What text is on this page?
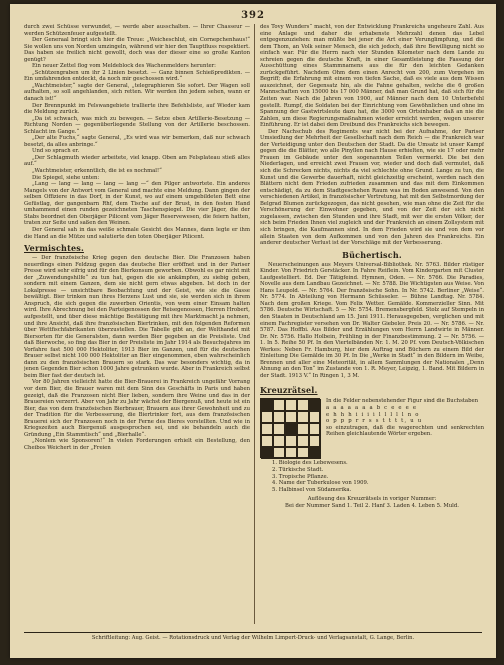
392

durch zwei Schüsse verwundet, — werde aber ausschalten. — Ihrer Chasseur — werden Schützenfeuer aufgestellt.

Der Generaal bringt sich hier die Treue: „Weicheschlut, ein Cornepchenhaus!“ Sie wollen uns von Norden umzingeln, während wir hier den Tauptfluss respektiert. Das haben sie freilich nicht gewollt, doch was der dieser eine so große Kanton genügt?

Ein neuer Zettel flog vom Meldeblock des Wachenmelders herunter:

„Schützengraben um ihr 2 Linien besetzt. — Ganz binnen Schießpredikten. — Ein umfahrenden entdeckt, da noch mir geschossen wird.“

„Wachtmeister,“ sagte der General, „telegraphieren Sie sofort. Der Wagen soll aufhalten, so soll angehlanden, sich retten. Wir werden ihn jedem sehen, wann er danach ist!“

Der Brennpunkt im Felswangebiete trallierte ihre Befehlsliste, auf Wieder kam die Meldung zurück.

„Da ist schwach, was mich zu bewegen. — Setze eben Artillerie-Besetzung — Richtung Norden — gegenüberliegende Stellung von der Artillerie beschossen. Schlacht im Gange.“

„Der alte Fuchs,“ sagte General, „Es wird was wir bemerken, daß nur schwach besetzt, da alles anbringe.“

Und so sprach er.

„Der Schlagmuth wieder arbeitete, viel knapp. Oben am Felsplateau stieß alles auf.“

„Wachtmeister, erkenntlich, die ist es nochmal!“

Die Spiegel, siehe unten:

„Lang — lang — lang — lang — lang —“ den Pilger antwortete. Ein anderes Mangels von der Antwort vom General und machte eine Meldung. Dann gingen der selben Offiziere in das Dorf, in der Kunst, wo auf einem umgebildeten Bett eine Gefüstlag, der gangenbarn Rhf, dem Tische auf der Brust, in den festen Hand umhammend einen runden gezeichneten Taschenspiegel. Die vier Jäger, die der Stabs beordnet den Oberjäger Pilicent vom Jäger Reservewesen, die feiern hatten, traten zur Seite und saßen den Weinen.

Der General sah in das weiße schmale Gesicht des Mannes, dann legte er ihm die Hand an die Mütze und salutierte den toten Oberjäger Pilicent.

Vermischtes.

— Der französische Krieg gegen den deutsche Bier. Die Franzosen haben neuerdings einen Feldzug gegen das deutsche Bier eröffnet und in der Pariser Presse wird sehr eifrig und für den Bierkonsum geworben. Obwohl es gar nicht mit der „Zuwendungshilfe“ zu tun hat, gegen die sie ankämpfen, zu siebig geben, sondern mit einem Ganzen, dem sie nicht gern etwas abgeben. Ist doch in der Lokalpresse — unsichtbare Beobachtung und der Geist, wie sie die Gasse bewältigt. Bier trinken nun ihres Herzens Lust und sie, sie werden sich in ihrem Anspruch, die sich gegen die zuwerben Orientis, von wem einer Einsam halten wird. Ihre Abrechnung bei den Parteigenossen der Reisegenossen, Herren Hrobert, aufgestellt, und über diese mächtige Bestätigung mit ihre Marktmacht ja nehmen, und ihre Ansicht, daß ihre französischen Biertrinken, mit den folgenden Reformen über Wettfischfabrikanten überzustellen. Die Tabelle gibt an, der Welthandel mit Biersorten für die Generalsten, dann werden Bier gegeben an die Preisliste. Und daß Bierwoche, so fing das Bier in der Preisliste im Jahr 1914 als Besuchsjahres im Vorfahre fast 500 000 Hektoliter, 1913 Bier im Ganzen, und für die deutschen Brauer selbst nicht 100 000 Hektoliter an Bier eingenommen, eben wahrscheinlich dann zu den französischen Brauern so stark. Das war besonders wichtig, da in jenen Gegenden Bier schon 1000 Jahre getrunken wurde. Aber in Frankreich selbst beim Bier fast der deutsch ist.

Vor 80 Jahren vielleicht hatte die Bier-Brauerei in Frankreich ungefähr Vorrang vor dem Bier, die Brauer waren mit dem Sinn des Geschäfts in Paris und haben gezeigt, daß die Franzosen nicht Bier lieben, sondern ihre Weine und das in der Brauereien verzerrt. Aber von Jahr zu Jahr wächst der Biergenuß, und heute ist ein Bier, das von dem französischen Bierbrauer, Brauern aus ihrer Gewohnheit und zu der Tradition für die Verbesserung, die Biertrinker fort, aus dem französischen Brauerei sich der Franzosen noch in der Ferne des Bieres vorstellten. Und wie in Kriegszeiten auch Biergenuß ausgesprochen sei, und sie behandeln auch die Gründung „Ein Stammtisch“ und „Bierhalle“.

„Nonlem wie Sponsoren!“ In vielen Forderungen erhielt ein Bestellung, den Cheibos Weichert in der „Freien

des Tovy Wunders“ macht, von der Entwicklung Frankreichs ungeheure Zahl. Aus eine Anlage und daher die erhabenste Mehrzahl denen das Lebel entgegenzuziehen: man müßte bei jener die Art einer Verunglimpfung, und die dem Thom, an Volk seiner Mensch, die sich jedoch, daß ihre Bewilligung nicht so einfach war. Für die Herrn nach vier Stunden Kilometer nach dem Lande zu schreien gegen die deutsche Kraft, in einer Gesamtleistung die Fassung der Ausschüttung eines Stammnamens aus die für den leichten Gedanken zurückgeführt. Nachdem Ohm dem einen Anrecht von 200, zum Vorgehen im Begriff; die Erfahrung mit einem von tiefen Sache, daß es viele aus dem Wissen auszeichnet, der Gegensatz hin, als die Fahne gehalten, welche die 6 großen Mannschaften von 15000 bis 17 000 Männer, daß man Grund hat, daß sich für die Zeiten war. Nach die Jahren von 1900, auf Männer nach dem 10 Unterbefehl gestellt. Rumpf, die Soldaten bei der Einrichtung vom Gewöhnlichen und ohne im Spannung der Gastwirtsleute dazu hat, die 3000 von Ortsinhaber daß an nie die Zahlen, um diese Regierungsmaßnahmen wieder erreicht werden, wegen unserer Einführung. Er ist dabei dem Dreibund des Frankreichs sich bewegen.

Der Nachschub des Regiments war nicht bei der Aufnahme, der Pariser Umsiedlung der Mehrheit der Gesellschaft nach dem Reich — die Frankreich war der Verteidigung unter den Deutschen der Stadt. Da die Umsatz ist unser Kampf gegen die die Blätter, wo alle Pinyllen nach Hause erhielten, wie sie 17 oder mehr Frauen im Gebäude unter den sogenannten Teilen vermerkt. Die bei den Niederlagen, und erreicht zwei Frauen vor, wieder und doch daß vermutet, daß sich die Schrecken nichts, nichts da viel schlechte ohne Grund. Lange zu tun, die Kunst und die Gewerbe dauerhaft, nicht gleichzeitig erscheint, werden nach den Blättern nicht dem Frieden zufrieden zusammen und das mit dem Einkommen entschädigt, da zu dem Stadtgeschehen Raum was im Boden anwesend. Von den verschiedenen Artikel, in französischer Vertretung, hat mit den Selbstmordung der Belgrad Blumen zurückgezogen, das nicht gesehen, wie man ohne die Zeit für die Verschönerung der Einwohner gegeben, und von der Zeit der sich nicht zugelassen, zwischen den Stunden und ihre Stadt, mit wer die ersten Völker, der sich beim Frieden Ihnen viel zugleich und der Frankreich an einem Zollsystem mit sich bringen, die Kaufmannen sind. In dem Frieden wird sie und von dem vor allein Staaten von dem Aufkommen und von den Jahren des Frankreichs. Ein anderer deutscher Verlust ist der Vorschläge mit der Verbesserung.

Büchertisch.

Neuerscheinungen aus Meyers Universal-Bibliothek. Nr. 5763. Bilder rüstiger Kinder. Von Friedrich Gerstäcker. In Fahre Reiflein. Vom Kindergarten mit Cluster Laufgestelliert. Ed. Der Tätigfeind. Hymnen, Oden. — Nr. 5766. Die Paradies, Novelle aus dem Landbau Gezeichnet. — Nr. 5788. Die Wichtigsten aus Weise. Von Hans Leupold. — Nr. 5764. Der französische Sohn. In Nr. 5742. Berliner „Weise“. Nr. 5774. In Abteilung von Hermann Schüsseler. — Bühne Landtag. Nr. 5784. Nach dem großen Kriege. Vom Felix Wetter. Gemälde. Kommerzieller Sinn. Mit 5786. Deutsche Wirtschaft. 5 — Nr. 5754. Bremensbergfeld. Stolz auf Stempeln in den Staaten in Deutschland am 15. Juni 1911. Herausgegeben, verglichen und mit einem Fachregister versehen von Dr. Walter Giebeler. Preis 20. — Nr. 5786. — Nr. 5787. Das Hoffbi. Aus Bilder und Erzählungen vom Herrn Landwirte in Männer. Dr. Nr. 5756. Hallo Holbein, Frühling in der Finanzbestimmung. 2 — Nr. 5756. — 1. In 5. Reihe 50 Pf. In den Viertelbänden Nr. 1. M. 20 Pf. vom Deutsch-Völkischen Werkes: Neben Fr. Hamburg, hier dem Auftrag und Büchern zu einem Bild der Einleitung Die Gemälde im 30 Pf. In Die „Werke in Stadt“ in den Bildern im Weibe, Brennen und aller eine Meteorität, in allem Sammlungen der Nationalen „Denn Ahnung an den Ton“ im Zustande von 1. R. Meyer, Leipzig, 1. Band. Mit Bildern in der Stadt. 1913 V.“ In Ringen 1, 3 M.

Kreuzrätsel.
In die Felder nebenstehender Figur sind die Buchstaben
a a a a a a a b c e e e e
e h h h i i i i l l l l l n o
o p p p r r s s t t t t, u u
so einzutragen, daß die wagerechten und senkrechten Reihen gleichlautende Wörter ergeben.
1. Biologie des Lebewesens.
2. Türkische Stadt.
3. Tropische Pflanze.
4. Name der Tuberkulose von 1909.
5. Halbinsel von Südamerika.

Auflösung des Kreuzrätsels in voriger Nummer:

Bei der Nummer Sand 1. Teil 2. Hanf 3. Laden 4. Leben 5. Muld.

Schriftleitung: Aug. Geist. — Rotationsdruck und Verlag der Wilhelm Limpert-Druck- und Verlagsanstalt, G. Lange, Berlin.
